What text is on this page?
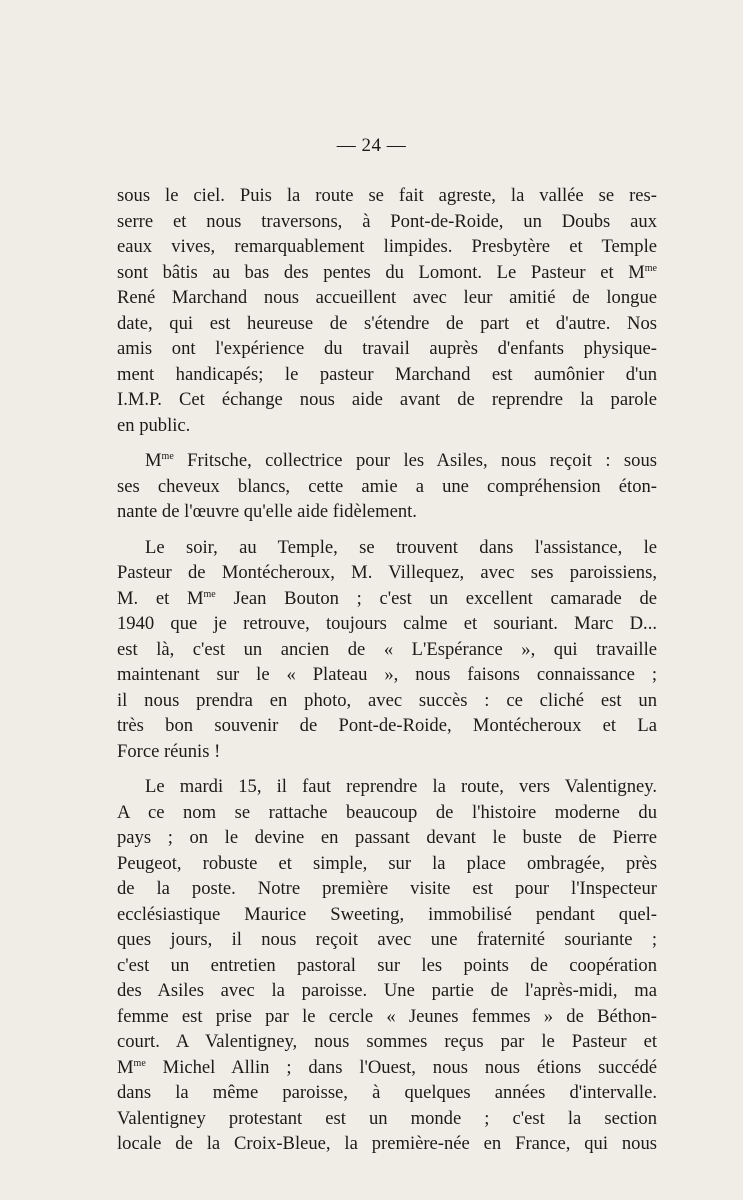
— 24 —
sous le ciel. Puis la route se fait agreste, la vallée se res-
serre et nous traversons, à Pont-de-Roide, un Doubs aux
eaux vives, remarquablement limpides. Presbytère et Temple
sont bâtis au bas des pentes du Lomont. Le Pasteur et $M^{me}$
René Marchand nous accueillent avec leur amitié de longue
date, qui est heureuse de s'étendre de part et d'autre. Nos
amis ont l'expérience du travail auprès d'enfants physique-
ment handicapés; le pasteur Marchand est aumônier d'un
I.M.P. Cet échange nous aide avant de reprendre la parole
en public.
$M^{me}$ Fritsche, collectrice pour les Asiles, nous reçoit : sous
ses cheveux blancs, cette amie a une compréhension éton-
nante de l'œuvre qu'elle aide fidèlement.
Le soir, au Temple, se trouvent dans l'assistance, le
Pasteur de Montécheroux, M. Villequez, avec ses paroissiens,
M. et $M^{me}$ Jean Bouton ; c'est un excellent camarade de
1940 que je retrouve, toujours calme et souriant. Marc D...
est là, c'est un ancien de « L'Espérance », qui travaille
maintenant sur le « Plateau », nous faisons connaissance ;
il nous prendra en photo, avec succès : ce cliché est un
très bon souvenir de Pont-de-Roide, Montécheroux et La
Force réunis !
Le mardi 15, il faut reprendre la route, vers Valentigney.
A ce nom se rattache beaucoup de l'histoire moderne du
pays ; on le devine en passant devant le buste de Pierre
Peugeot, robuste et simple, sur la place ombragée, près
de la poste. Notre première visite est pour l'Inspecteur
ecclésiastique Maurice Sweeting, immobilisé pendant quel-
ques jours, il nous reçoit avec une fraternité souriante ;
c'est un entretien pastoral sur les points de coopération
des Asiles avec la paroisse. Une partie de l'après-midi, ma
femme est prise par le cercle « Jeunes femmes » de Béthon-
court. A Valentigney, nous sommes reçus par le Pasteur et
$M^{me}$ Michel Allin ; dans l'Ouest, nous nous étions succédé
dans la même paroisse, à quelques années d'intervalle.
Valentigney protestant est un monde ; c'est la section
locale de la Croix-Bleue, la première-née en France, qui nous
